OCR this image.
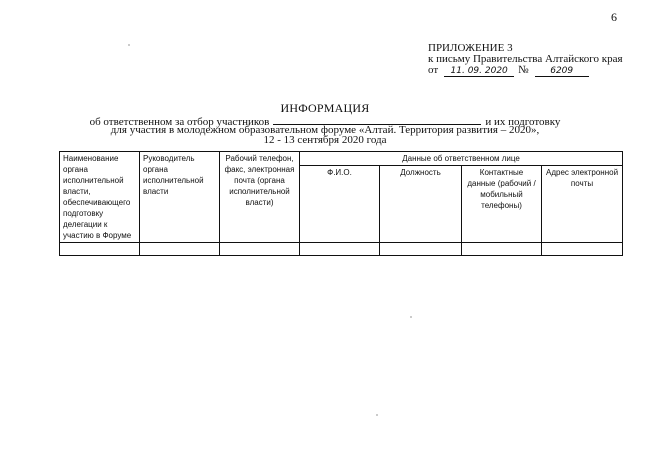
6
ПРИЛОЖЕНИЕ 3
к письму Правительства Алтайского края
от 11. 09. 2020 № 6209
ИНФОРМАЦИЯ
об ответственном за отбор участников	и их подготовку
для участия в молодежном образовательном форуме «Алтай. Территория развития – 2020»,
12 - 13 сентября 2020 года
Наименование органа исполнительной власти, обеспечивающего подготовку делегации к участию в Форуме	Руководитель органа исполнительной власти	Рабочий телефон, факс, электронная почта (органа исполнительной власти)	Данные об ответственном лице			
			Ф.И.О.	Должность	Контактные данные (рабочий / мобильный телефоны)	Адрес электронной почты
